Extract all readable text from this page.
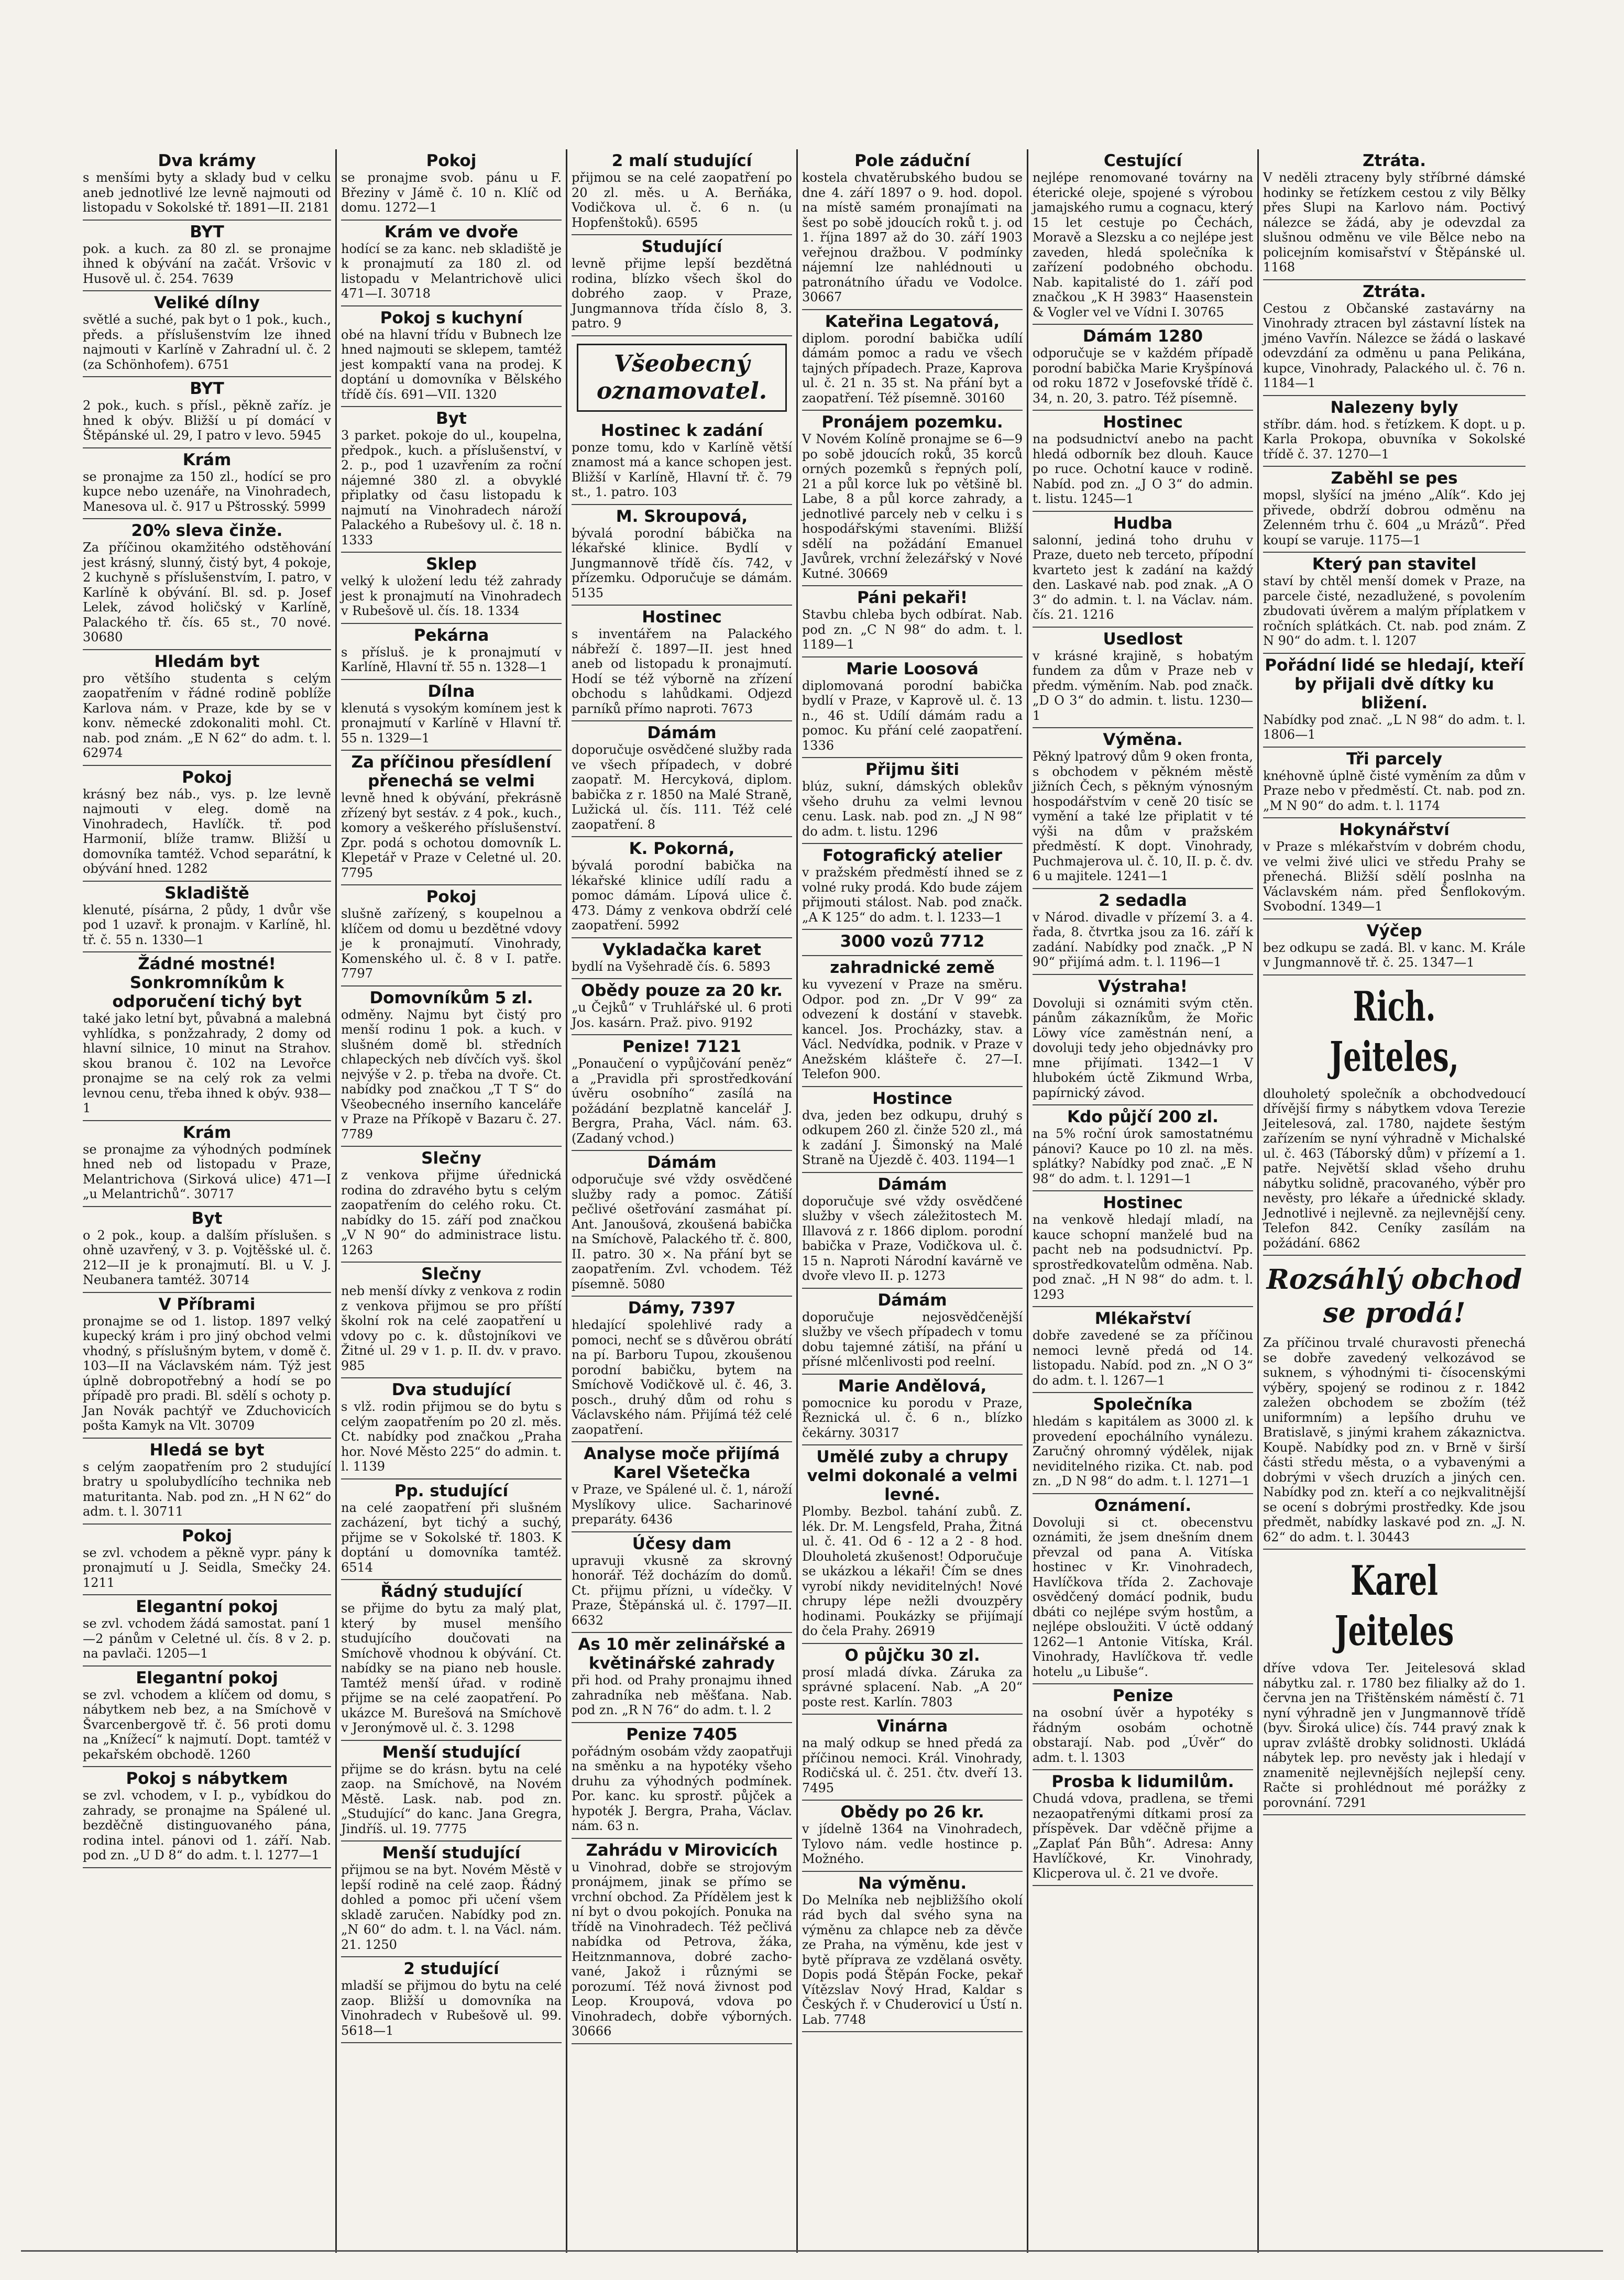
Dva krámy
s menšími byty a sklady bud v celku aneb jednotlivé lze levně najmouti od listopadu v Sokolské tř. 1891—II. 2181
BYT
pok. a kuch. za 80 zl. se pronajme ihned k obývání na začát. Vršovic v Husově ul. č. 254. 7639
Veliké dílny
světlé a suché, pak byt o 1 pok., kuch., předs. a příslušenstvím lze ihned najmouti v Karlíně v Zahradní ul. č. 2 (za Schönhofem). 6751
BYT
2 pok., kuch. s přísl., pěkně zaříz. je hned k obýv. Bližší u pí domácí v Štěpánské ul. 29, I patro v levo. 5945
Krám
se pronajme za 150 zl., hodící se pro kupce nebo uzenáře, na Vinohradech, Manesova ul. č. 917 u Pštrosský. 5999
20% sleva činže.
Za příčinou okamžitého odstěhování jest krásný, slunný, čistý byt, 4 pokoje, 2 kuchyně s příslušenstvím, I. patro, v Karlíně k obývání. Bl. sd. p. Josef Lelek, závod holičský v Karlíně, Palackého tř. čís. 65 st., 70 nové. 30680
Hledám byt
pro většího studenta s celým zaopatřením v řádné rodině poblíže Karlova nám. v Praze, kde by se v konv. německé zdokonaliti mohl. Ct. nab. pod znám. „E N 62“ do adm. t. l. 62974
Pokoj
krásný bez náb., vys. p. lze levně najmouti v eleg. domě na Vinohradech, Havlíčk. tř. pod Harmonií, blíže tramw. Bližší u domovníka tamtéž. Vchod separátní, k obývání hned. 1282
Skladiště
klenuté, písárna, 2 půdy, 1 dvůr vše pod 1 uzavř. k pronajm. v Karlíně, hl. tř. č. 55 n. 1330—1
Žádné mostné! Sonkromníkům k odporučení tichý byt
také jako letní byt, půvabná a malebná vyhlídka, s ponžzahrady, 2 domy od hlavní silnice, 10 minut na Strahov. skou branou č. 102 na Levořce pronajme se na celý rok za velmi levnou cenu, třeba ihned k obýv. 938—1
Krám
se pronajme za výhodných podmínek hned neb od listopadu v Praze, Melantrichova (Sirková ulice) 471—I „u Melantrichů“. 30717
Byt
o 2 pok., koup. a dalším příslušen. s ohně uzavřený, v 3. p. Vojtěšské ul. č. 212—II je k pronajmutí. Bl. u V. J. Neubanera tamtéž. 30714
V Příbrami
pronajme se od 1. listop. 1897 velký kupecký krám i pro jiný obchod velmi vhodný, s příslušným bytem, v domě č. 103—II na Václavském nám. Týž jest úplně dobropotřebný a hodí se po případě pro pradi. Bl. sdělí s ochoty p. Jan Novák pachtýř ve Zduchovicích pošta Kamyk na Vlt. 30709
Hledá se byt
s celým zaopatřením pro 2 studující bratry u spolubydlícího technika neb maturitanta. Nab. pod zn. „H N 62“ do adm. t. l. 30711
Pokoj
se zvl. vchodem a pěkně vypr. pány k pronajmutí u J. Seidla, Smečky 24. 1211
Elegantní pokoj
se zvl. vchodem žádá samostat. paní 1—2 pánům v Celetné ul. čís. 8 v 2. p. na pavlači. 1205—1
Elegantní pokoj
se zvl. vchodem a klíčem od domu, s nábytkem neb bez, a na Smíchově v Švarcenbergově tř. č. 56 proti domu na „Knížecí“ k najmutí. Dopt. tamtéž v pekařském obchodě. 1260
Pokoj s nábytkem
se zvl. vchodem, v I. p., vybídkou do zahrady, se pronajme na Spálené ul. bezděčně distinguovaného pána, rodina intel. pánovi od 1. září. Nab. pod zn. „U D 8“ do adm. t. l. 1277—1
Pokoj
se pronajme svob. pánu u F. Březiny v Jámě č. 10 n. Klíč od domu. 1272—1
Krám ve dvoře
hodící se za kanc. neb skladiště je k pronajmutí za 180 zl. od listopadu v Melantrichově ulici 471—I. 30718
Pokoj s kuchyní
obé na hlavní třídu v Bubnech lze hned najmouti se sklepem, tamtéž jest kompaktí vana na prodej. K doptání u domovníka v Bělského třídě čís. 691—VII. 1320
Byt
3 parket. pokoje do ul., koupelna, předpok., kuch. a příslušenství, v 2. p., pod 1 uzavřením za roční nájemné 380 zl. a obvyklé připlatky od času listopadu k najmutí na Vinohradech nároží Palackého a Rubešovy ul. č. 18 n. 1333
Sklep
velký k uložení ledu též zahrady jest k pronajmutí na Vinohradech v Rubešově ul. čís. 18. 1334
Pekárna
s přísluš. je k pronajmutí v Karlíně, Hlavní tř. 55 n. 1328—1
Dílna
klenutá s vysokým komínem jest k pronajmutí v Karlíně v Hlavní tř. 55 n. 1329—1
Za příčinou přesídlení přenechá se velmi
levně hned k obývání, překrásně zřízený byt sestáv. z 4 pok., kuch., komory a veškerého příslušenství. Zpr. podá s ochotou domovník L. Klepetář v Praze v Celetné ul. 20. 7795
Pokoj
slušně zařízený, s koupelnou a klíčem od domu u bezdětné vdovy je k pronajmutí. Vinohrady, Komenského ul. č. 8 v I. patře. 7797
Domovníkům 5 zl.
odměny. Najmu byt čistý pro menší rodinu 1 pok. a kuch. v slušném domě bl. středních chlapeckých neb dívčích vyš. škol nejvýše v 2. p. třeba na dvoře. Ct. nabídky pod značkou „T T S“ do Všeobecného inserního kanceláře v Praze na Příkopě v Bazaru č. 27. 7789
Slečny
z venkova přijme úřednická rodina do zdravého bytu s celým zaopatřením do celého roku. Ct. nabídky do 15. září pod značkou „V N 90“ do administrace listu. 1263
Slečny
neb menší dívky z venkova z rodin z venkova přijmou se pro příští školní rok na celé zaopatření u vdovy po c. k. důstojníkovi ve Žitné ul. 29 v 1. p. II. dv. v pravo. 985
Dva studující
s vlž. rodin přijmou se do bytu s celým zaopatřením po 20 zl. měs. Ct. nabídky pod značkou „Praha hor. Nové Město 225“ do admin. t. l. 1139
Pp. studující
na celé zaopatření při slušném zacházení, byt tichý a suchý, přijme se v Sokolské tř. 1803. K doptání u domovníka tamtéž. 6514
Řádný studující
se přijme do bytu za malý plat, který by musel menšího studujícího doučovati na Smíchově vhodnou k obývání. Ct. nabídky se na piano neb housle. Tamtéž menší úřad. v rodině přijme se na celé zaopatření. Po ukázce M. Burešová na Smíchově v Jeronýmově ul. č. 3. 1298
Menší studující
přijme se do krásn. bytu na celé zaop. na Smíchově, na Novém Městě. Lask. nab. pod zn. „Studující“ do kanc. Jana Gregra, Jindříš. ul. 19. 7775
Menší studující
přijmou se na byt. Novém Městě v lepší rodině na celé zaop. Řádný dohled a pomoc při učení všem skladě zaručen. Nabídky pod zn. „N 60“ do adm. t. l. na Václ. nám. 21. 1250
2 studující
mladší se přijmou do bytu na celé zaop. Bližší u domovníka na Vinohradech v Rubešově ul. 99. 5618—1
2 malí studující
přijmou se na celé zaopatření po 20 zl. měs. u A. Berňáka, Vodičkova ul. č. 6 n. (u Hopfenštoků). 6595
Studující
levně přijme lepší bezdětná rodina, blízko všech škol do dobrého zaop. v Praze, Jungmannova třída číslo 8, 3. patro. 9
Všeobecný oznamovatel.
Hostinec k zadání
ponze tomu, kdo v Karlíně větší znamost má a kance schopen jest. Bližší v Karlíně, Hlavní tř. č. 79 st., 1. patro. 103
M. Skroupová,
bývalá porodní bábička na lékařské klinice. Bydlí v Jungmannově třídě čís. 742, v přízemku. Odporučuje se dámám. 5135
Hostinec
s inventářem na Palackého nábřeží č. 1897—II. jest hned aneb od listopadu k pronajmutí. Hodí se též výborně na zřízení obchodu s lahůdkami. Odjezd parníků přímo naproti. 7673
Dámám
doporučuje osvědčené služby rada ve všech případech, v dobré zaopatř. M. Hercyková, diplom. babička z r. 1850 na Malé Straně, Lužická ul. čís. 111. Též celé zaopatření. 8
K. Pokorná,
bývalá porodní babička na lékařské klinice udílí radu a pomoc dámám. Lípová ulice č. 473. Dámy z venkova obdrží celé zaopatření. 5992
Vykladačka karet
bydlí na Vyšehradě čís. 6. 5893
Obědy pouze za 20 kr.
„u Čejků“ v Truhlářské ul. 6 proti Jos. kasárn. Praž. pivo. 9192
Penize! 7121
„Ponaučení o vypůjčování peněz“ a „Pravidla při sprostředkování úvěru osobního“ zasílá na požádání bezplatně kancelář J. Bergra, Praha, Václ. nám. 63. (Zadaný vchod.)
Dámám
odporučuje své vždy osvědčené služby rady a pomoc. Zátiší pečlivé ošetřování zasmáhat pí. Ant. Janoušová, zkoušená babička na Smíchově, Palackého tř. č. 800, II. patro. 30 ×. Na přání byt se zaopatřením. Zvl. vchodem. Též písemně. 5080
Dámy, 7397
hledající spolehlivé rady a pomoci, nechť se s důvěrou obrátí na pí. Barboru Tupou, zkoušenou porodní babičku, bytem na Smíchově Vodičkově ul. č. 46, 3. posch., druhý dům od rohu s Václavského nám. Přijímá též celé zaopatření.
Analyse moče přijímá Karel Všetečka
v Praze, ve Spálené ul. č. 1, nároží Myslíkovy ulice. Sacharinové preparáty. 6436
Účesy dam
upravuji vkusně za skrovný honorář. Též docházím do domů. Ct. přijmu přízni, u vídečky. V Praze, Štěpánská ul. č. 1797—II. 6632
As 10 měr zelinářské a květinářské zahrady
při hod. od Prahy pronajmu ihned zahradníka neb měšťana. Nab. pod zn. „R N 76“ do adm. t. l. 2
Penize 7405
pořádným osobám vždy zaopatřuji na směnku a na hypotéky všeho druhu za výhodných podmínek. Por. kanc. ku sprostř. půjček a hypoték J. Bergra, Praha, Václav. nám. 63 n.
Zahrádu v Mirovicích
u Vinohrad, dobře se strojovým pronájmem, jinak se přímo se vrchní obchod. Za Přídělem jest k ní byt o dvou pokojích. Ponuka na třídě na Vinohradech. Též pečlivá nabídka od Petrova, žáka, Heitznmannova, dobré zacho-vané, Jakož i různými se porozumí. Též nová živnost pod Leop. Kroupová, vdova po Vinohradech, dobře výborných. 30666
Pole záduční
kostela chvatěrubského budou se dne 4. září 1897 o 9. hod. dopol. na místě samém pronajímati na šest po sobě jdoucích roků t. j. od 1. října 1897 až do 30. září 1903 veřejnou dražbou. V podmínky nájemní lze nahlédnouti u patronátního úřadu ve Vodolce. 30667
Kateřina Legatová,
diplom. porodní babička udílí dámám pomoc a radu ve všech tajných případech. Praze, Kaprova ul. č. 21 n. 35 st. Na přání byt a zaopatření. Též písemně. 30160
Pronájem pozemku.
V Novém Kolíně pronajme se 6—9 po sobě jdoucích roků, 35 korců orných pozemků s řepných polí, 21 a půl korce luk po většině bl. Labe, 8 a půl korce zahrady, a jednotlivé parcely neb v celku i s hospodářskými staveními. Bližší sdělí na požádání Emanuel Javůrek, vrchní železářský v Nové Kutné. 30669
Páni pekaři!
Stavbu chleba bych odbírat. Nab. pod zn. „C N 98“ do adm. t. l. 1189—1
Marie Loosová
diplomovaná porodní babička bydlí v Praze, v Kaprově ul. č. 13 n., 46 st. Udílí dámám radu a pomoc. Ku přání celé zaopatření. 1336
Přijmu šiti
blúz, sukní, dámských oblekův všeho druhu za velmi levnou cenu. Lask. nab. pod zn. „J N 98“ do adm. t. listu. 1296
Fotografický atelier
v pražském předměstí ihned se z volné ruky prodá. Kdo bude zájem přijmouti stálost. Nab. pod značk. „A K 125“ do adm. t. l. 1233—1
3000 vozů 7712
zahradnické země
ku vyvezení v Praze na směru. Odpor. pod zn. „Dr V 99“ za odvezení k dostání v stavebk. kancel. Jos. Procházky, stav. a Václ. Nedvídka, podnik. v Praze v Anežském klášteře č. 27—I. Telefon 900.
Hostince
dva, jeden bez odkupu, druhý s odkupem 260 zl. činže 520 zl., má k zadání J. Šimonský na Malé Straně na Újezdě č. 403. 1194—1
Dámám
doporučuje své vždy osvědčené služby v všech záležitostech M. Illavová z r. 1866 diplom. porodní babička v Praze, Vodičkova ul. č. 15 n. Naproti Národní kavárně ve dvoře vlevo II. p. 1273
Dámám
doporučuje nejosvědčenější služby ve všech případech v tomu dobu tajemné zátiší, na přání u přísné mlčenlivosti pod reelní.
Marie Andělová,
pomocnice ku porodu v Praze, Řeznická ul. č. 6 n., blízko čekárny. 30317
Umělé zuby a chrupy velmi dokonalé a velmi levné.
Plomby. Bezbol. tahání zubů. Z. lék. Dr. M. Lengsfeld, Praha, Žitná ul. č. 41. Od 6 - 12 a 2 - 8 hod. Dlouholetá zkušenost! Odporučuje se ukázkou a lékaři! Čím se dnes vyrobí nikdy neviditelných! Nové chrupy lépe nežli dvouzpěry hodinami. Poukázky se přijímají do čela Prahy. 26919
O půjčku 30 zl.
prosí mladá dívka. Záruka za správné splacení. Nab. „A 20“ poste rest. Karlín. 7803
Vinárna
na malý odkup se hned předá za příčinou nemoci. Král. Vinohrady, Rodičská ul. č. 251. čtv. dveří 13. 7495
Obědy po 26 kr.
v jídelně 1364 na Vinohradech, Tylovo nám. vedle hostince p. Možného.
Na výměnu.
Do Melníka neb nejbližšího okolí rád bych dal svého syna na výměnu za chlapce neb za děvče ze Praha, na výměnu, kde jest v bytě příprava ze vzdělaná osvěty. Dopis podá Štěpán Focke, pekař Vítězslav Nový Hrad, Kaldar s Českých ř. v Chuderovicí u Ústí n. Lab. 7748
Cestující
nejlépe renomované továrny na éterické oleje, spojené s výrobou jamajského rumu a cognacu, který 15 let cestuje po Čechách, Moravě a Slezsku a co nejlépe jest zaveden, hledá společníka k zařízení podobného obchodu. Nab. kapitalisté do 1. září pod značkou „K H 3983“ Haasenstein & Vogler vel ve Vídni I. 30765
Dámám 1280
odporučuje se v každém případě porodní babička Marie Kryšpínová od roku 1872 v Josefovské třídě č. 34, n. 20, 3. patro. Též písemně.
Hostinec
na podsudnictví anebo na pacht hledá odborník bez dlouh. Kauce po ruce. Ochotní kauce v rodině. Nabíd. pod zn. „J O 3“ do admin. t. listu. 1245—1
Hudba
salonní, jediná toho druhu v Praze, dueto neb terceto, přípodní kvarteto jest k zadání na každý den. Laskavé nab. pod znak. „A O 3“ do admin. t. l. na Václav. nám. čís. 21. 1216
Usedlost
v krásné krajině, s hobatým fundem za dům v Praze neb v předm. výměním. Nab. pod značk. „D O 3“ do admin. t. listu. 1230—1
Výměna.
Pěkný lpatrový dům 9 oken fronta, s obchodem v pěkném městě jižních Čech, s pěkným výnosným hospodářstvím v ceně 20 tisíc se vymění a také lze připlatit v té výši na dům v pražském předměstí. K dopt. Vinohrady, Puchmajerova ul. č. 10, II. p. č. dv. 6 u majitele. 1241—1
2 sedadla
v Národ. divadle v přízemí 3. a 4. řada, 8. čtvrtka jsou za 16. září k zadání. Nabídky pod značk. „P N 90“ přijímá adm. t. l. 1196—1
Výstraha!
Dovoluji si oznámiti svým ctěn. pánům zákazníkům, že Mořic Löwy více zaměstnán není, a dovoluji tedy jeho objednávky pro mne přijímati. 1342—1 V hlubokém úctě Zikmund Wrba, papírnický závod.
Kdo půjčí 200 zl.
na 5% roční úrok samostatnému pánovi? Kauce po 10 zl. na měs. splátky? Nabídky pod znač. „E N 98“ do adm. t. l. 1291—1
Hostinec
na venkově hledají mladí, na kauce schopní manželé bud na pacht neb na podsudnictví. Pp. sprostředkovatelům odměna. Nab. pod znač. „H N 98“ do adm. t. l. 1293
Mlékařství
dobře zavedené se za příčinou nemoci levně předá od 14. listopadu. Nabíd. pod zn. „N O 3“ do adm. t. l. 1267—1
Společníka
hledám s kapitálem as 3000 zl. k provedení epochálního vynálezu. Zaručný ohromný výdělek, nijak neviditelného rizika. Ct. nab. pod zn. „D N 98“ do adm. t. l. 1271—1
Oznámení.
Dovoluji si ct. obecenstvu oznámiti, že jsem dnešním dnem převzal od pana A. Vitíska hostinec v Kr. Vinohradech, Havlíčkova třída 2. Zachovaje osvědčený domácí podnik, budu dbáti co nejlépe svým hostům, a nejlépe obsloužiti. V úctě oddaný 1262—1 Antonie Vitíska, Král. Vinohrady, Havlíčkova tř. vedle hotelu „u Libuše“.
Penize
na osobní úvěr a hypotéky s řádným osobám ochotně obstarají. Nab. pod „Úvěr“ do adm. t. l. 1303
Prosba k lidumilům.
Chudá vdova, pradlena, se třemi nezaopatřenými dítkami prosí za příspěvek. Dar vděčně přijme a „Zaplať Pán Bůh“. Adresa: Anny Havlíčkové, Kr. Vinohrady, Klicperova ul. č. 21 ve dvoře.
Ztráta.
V neděli ztraceny byly stříbrné dámské hodinky se řetízkem cestou z vily Bělky přes Slupi na Karlovo nám. Poctivý nálezce se žádá, aby je odevzdal za slušnou odměnu ve vile Bělce nebo na policejním komisařství v Štěpánské ul. 1168
Ztráta.
Cestou z Občanské zastavárny na Vinohrady ztracen byl zástavní lístek na jméno Vavřín. Nálezce se žádá o laskavé odevzdání za odměnu u pana Pelikána, kupce, Vinohrady, Palackého ul. č. 76 n. 1184—1
Nalezeny byly
stříbr. dám. hod. s řetízkem. K dopt. u p. Karla Prokopa, obuvníka v Sokolské třídě č. 37. 1270—1
Zaběhl se pes
mopsl, slyšící na jméno „Alík“. Kdo jej přivede, obdrží dobrou odměnu na Zelenném trhu č. 604 „u Mrázů“. Před koupí se varuje. 1175—1
Který pan stavitel
staví by chtěl menší domek v Praze, na parcele čisté, nezadlužené, s povolením zbudovati úvěrem a malým příplatkem v ročních splátkách. Ct. nab. pod znám. Z N 90“ do adm. t. l. 1207
Pořádní lidé se hledají, kteří by přijali dvě dítky ku bližení.
Nabídky pod znač. „L N 98“ do adm. t. l. 1806—1
Tři parcely
knéhovně úplně čisté vyměním za dům v Praze nebo v předměstí. Ct. nab. pod zn. „M N 90“ do adm. t. l. 1174
Hokynářství
v Praze s mlékařstvím v dobrém chodu, ve velmi živé ulici ve středu Prahy se přenechá. Bližší sdělí poslnha na Václavském nám. před Šenflokovým. Svobodní. 1349—1
Výčep
bez odkupu se zadá. Bl. v kanc. M. Krále v Jungmannově tř. č. 25. 1347—1
Rich. Jeiteles,
dlouholetý společník a obchodvedoucí dřívější firmy s nábytkem vdova Terezie Jeitelesová, zal. 1780, najdete šestým zařízením se nyní výhradně v Michalské ul. č. 463 (Táborský dům) v přízemí a 1. patře. Největší sklad všeho druhu nábytku solidně, pracovaného, výběr pro nevěsty, pro lékaře a úřednické sklady. Jednotlivé i nejlevně. za nejlevnější ceny. Telefon 842. Ceníky zasílám na požádání. 6862
Rozsáhlý obchod se prodá!
Za příčinou trvalé churavosti přenechá se dobře zavedený velkozávod se suknem, s výhodnými ti- čísocenskými výběry, spojený se rodinou z r. 1842 zaležen obchodem se zbožím (též uniformním) a lepšího druhu ve Bratislavě, s jinými krahem zákaznictva. Koupě. Nabídky pod zn. v Brně v širší části středu města, o a vybavenými a dobrými v všech druzích a jiných cen. Nabídky pod zn. kteří a co nejkvalitnější se ocení s dobrými prostředky. Kde jsou předmět, nabídky laskavé pod zn. „J. N. 62“ do adm. t. l. 30443
Karel Jeiteles
dříve vdova Ter. Jeitelesová sklad nábytku zal. r. 1780 bez filialky až do 1. června jen na Třištěnském náměstí č. 71 nyní výhradně jen v Jungmannově třídě (byv. Široká ulice) čís. 744 pravý znak k uprav zvláště drobky solidnosti. Ukládá nábytek lep. pro nevěsty jak i hledají v znamenitě nejlevnějších nejlepší ceny. Račte si prohlédnout mé porážky z porovnání. 7291
